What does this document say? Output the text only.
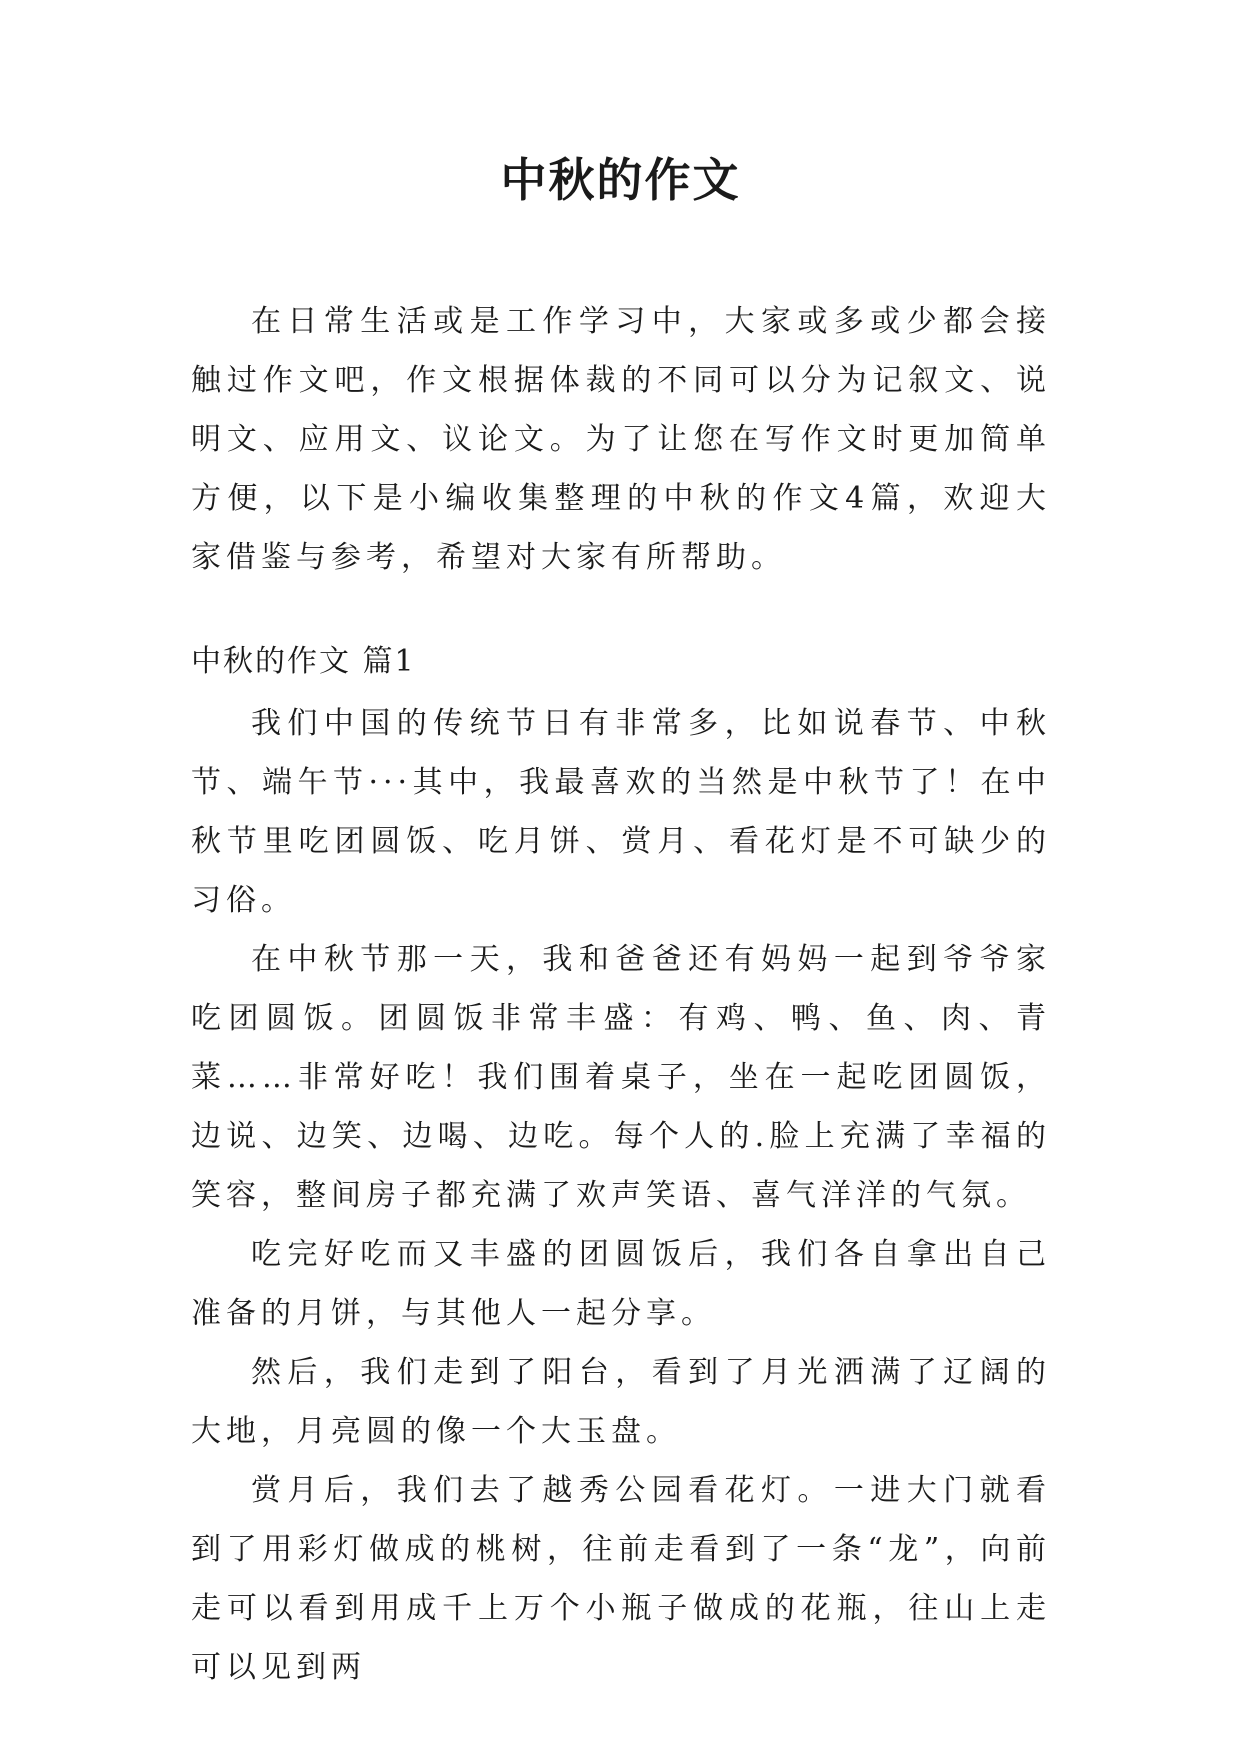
中秋的作文

在日常生活或是工作学习中，大家或多或少都会接触过作文吧，作文根据体裁的不同可以分为记叙文、说明文、应用文、议论文。为了让您在写作文时更加简单方便，以下是小编收集整理的中秋的作文4篇，欢迎大家借鉴与参考，希望对大家有所帮助。

中秋的作文 篇1

我们中国的传统节日有非常多，比如说春节、中秋节、端午节···其中，我最喜欢的当然是中秋节了！在中秋节里吃团圆饭、吃月饼、赏月、看花灯是不可缺少的习俗。

在中秋节那一天，我和爸爸还有妈妈一起到爷爷家吃团圆饭。团圆饭非常丰盛：有鸡、鸭、鱼、肉、青菜……非常好吃！我们围着桌子，坐在一起吃团圆饭，边说、边笑、边喝、边吃。每个人的.脸上充满了幸福的笑容，整间房子都充满了欢声笑语、喜气洋洋的气氛。

吃完好吃而又丰盛的团圆饭后，我们各自拿出自己准备的月饼，与其他人一起分享。

然后，我们走到了阳台，看到了月光洒满了辽阔的大地，月亮圆的像一个大玉盘。

赏月后，我们去了越秀公园看花灯。一进大门就看到了用彩灯做成的桃树，往前走看到了一条“龙”，向前走可以看到用成千上万个小瓶子做成的花瓶，往山上走可以见到两
